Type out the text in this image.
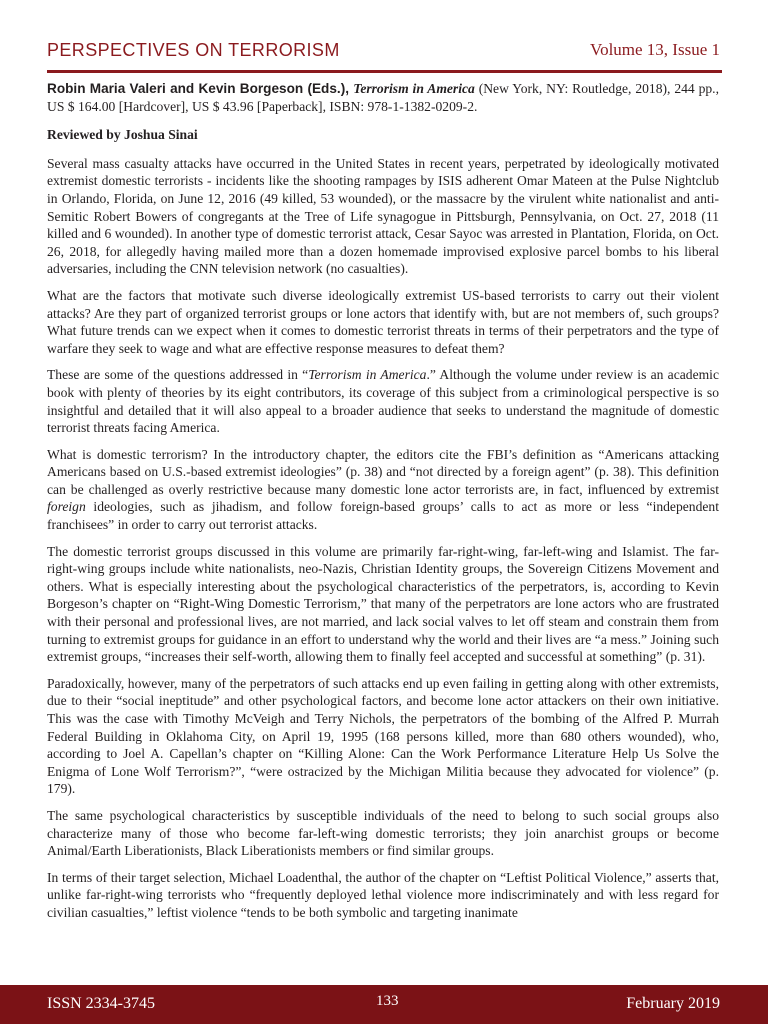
PERSPECTIVES ON TERRORISM	Volume 13, Issue 1

Robin Maria Valeri and Kevin Borgeson (Eds.), Terrorism in America (New York, NY: Routledge, 2018), 244 pp., US $ 164.00 [Hardcover], US $ 43.96 [Paperback], ISBN: 978-1-1382-0209-2.

Reviewed by Joshua Sinai

Several mass casualty attacks have occurred in the United States in recent years, perpetrated by ideologically motivated extremist domestic terrorists - incidents like the shooting rampages by ISIS adherent Omar Mateen at the Pulse Nightclub in Orlando, Florida, on June 12, 2016 (49 killed, 53 wounded), or the massacre by the virulent white nationalist and anti-Semitic Robert Bowers of congregants at the Tree of Life synagogue in Pittsburgh, Pennsylvania, on Oct. 27, 2018 (11 killed and 6 wounded). In another type of domestic terrorist attack, Cesar Sayoc was arrested in Plantation, Florida, on Oct. 26, 2018, for allegedly having mailed more than a dozen homemade improvised explosive parcel bombs to his liberal adversaries, including the CNN television network (no casualties).

What are the factors that motivate such diverse ideologically extremist US-based terrorists to carry out their violent attacks? Are they part of organized terrorist groups or lone actors that identify with, but are not members of, such groups? What future trends can we expect when it comes to domestic terrorist threats in terms of their perpetrators and the type of warfare they seek to wage and what are effective response measures to defeat them?

These are some of the questions addressed in “Terrorism in America.” Although the volume under review is an academic book with plenty of theories by its eight contributors, its coverage of this subject from a criminological perspective is so insightful and detailed that it will also appeal to a broader audience that seeks to understand the magnitude of domestic terrorist threats facing America.

What is domestic terrorism? In the introductory chapter, the editors cite the FBI’s definition as “Americans attacking Americans based on U.S.-based extremist ideologies” (p. 38) and “not directed by a foreign agent” (p. 38). This definition can be challenged as overly restrictive because many domestic lone actor terrorists are, in fact, influenced by extremist foreign ideologies, such as jihadism, and follow foreign-based groups’ calls to act as more or less “independent franchisees” in order to carry out terrorist attacks.

The domestic terrorist groups discussed in this volume are primarily far-right-wing, far-left-wing and Islamist. The far-right-wing groups include white nationalists, neo-Nazis, Christian Identity groups, the Sovereign Citizens Movement and others. What is especially interesting about the psychological characteristics of the perpetrators, is, according to Kevin Borgeson’s chapter on “Right-Wing Domestic Terrorism,” that many of the perpetrators are lone actors who are frustrated with their personal and professional lives, are not married, and lack social valves to let off steam and constrain them from turning to extremist groups for guidance in an effort to understand why the world and their lives are “a mess.” Joining such extremist groups, “increases their self-worth, allowing them to finally feel accepted and successful at something” (p. 31).

Paradoxically, however, many of the perpetrators of such attacks end up even failing in getting along with other extremists, due to their “social ineptitude” and other psychological factors, and become lone actor attackers on their own initiative. This was the case with Timothy McVeigh and Terry Nichols, the perpetrators of the bombing of the Alfred P. Murrah Federal Building in Oklahoma City, on April 19, 1995 (168 persons killed, more than 680 others wounded), who, according to Joel A. Capellan’s chapter on “Killing Alone: Can the Work Performance Literature Help Us Solve the Enigma of Lone Wolf Terrorism?”, “were ostracized by the Michigan Militia because they advocated for violence” (p. 179).

The same psychological characteristics by susceptible individuals of the need to belong to such social groups also characterize many of those who become far-left-wing domestic terrorists; they join anarchist groups or become Animal/Earth Liberationists, Black Liberationists members or find similar groups.

In terms of their target selection, Michael Loadenthal, the author of the chapter on “Leftist Political Violence,” asserts that, unlike far-right-wing terrorists who “frequently deployed lethal violence more indiscriminately and with less regard for civilian casualties,” leftist violence “tends to be both symbolic and targeting inanimate

ISSN 2334-3745	133	February 2019
